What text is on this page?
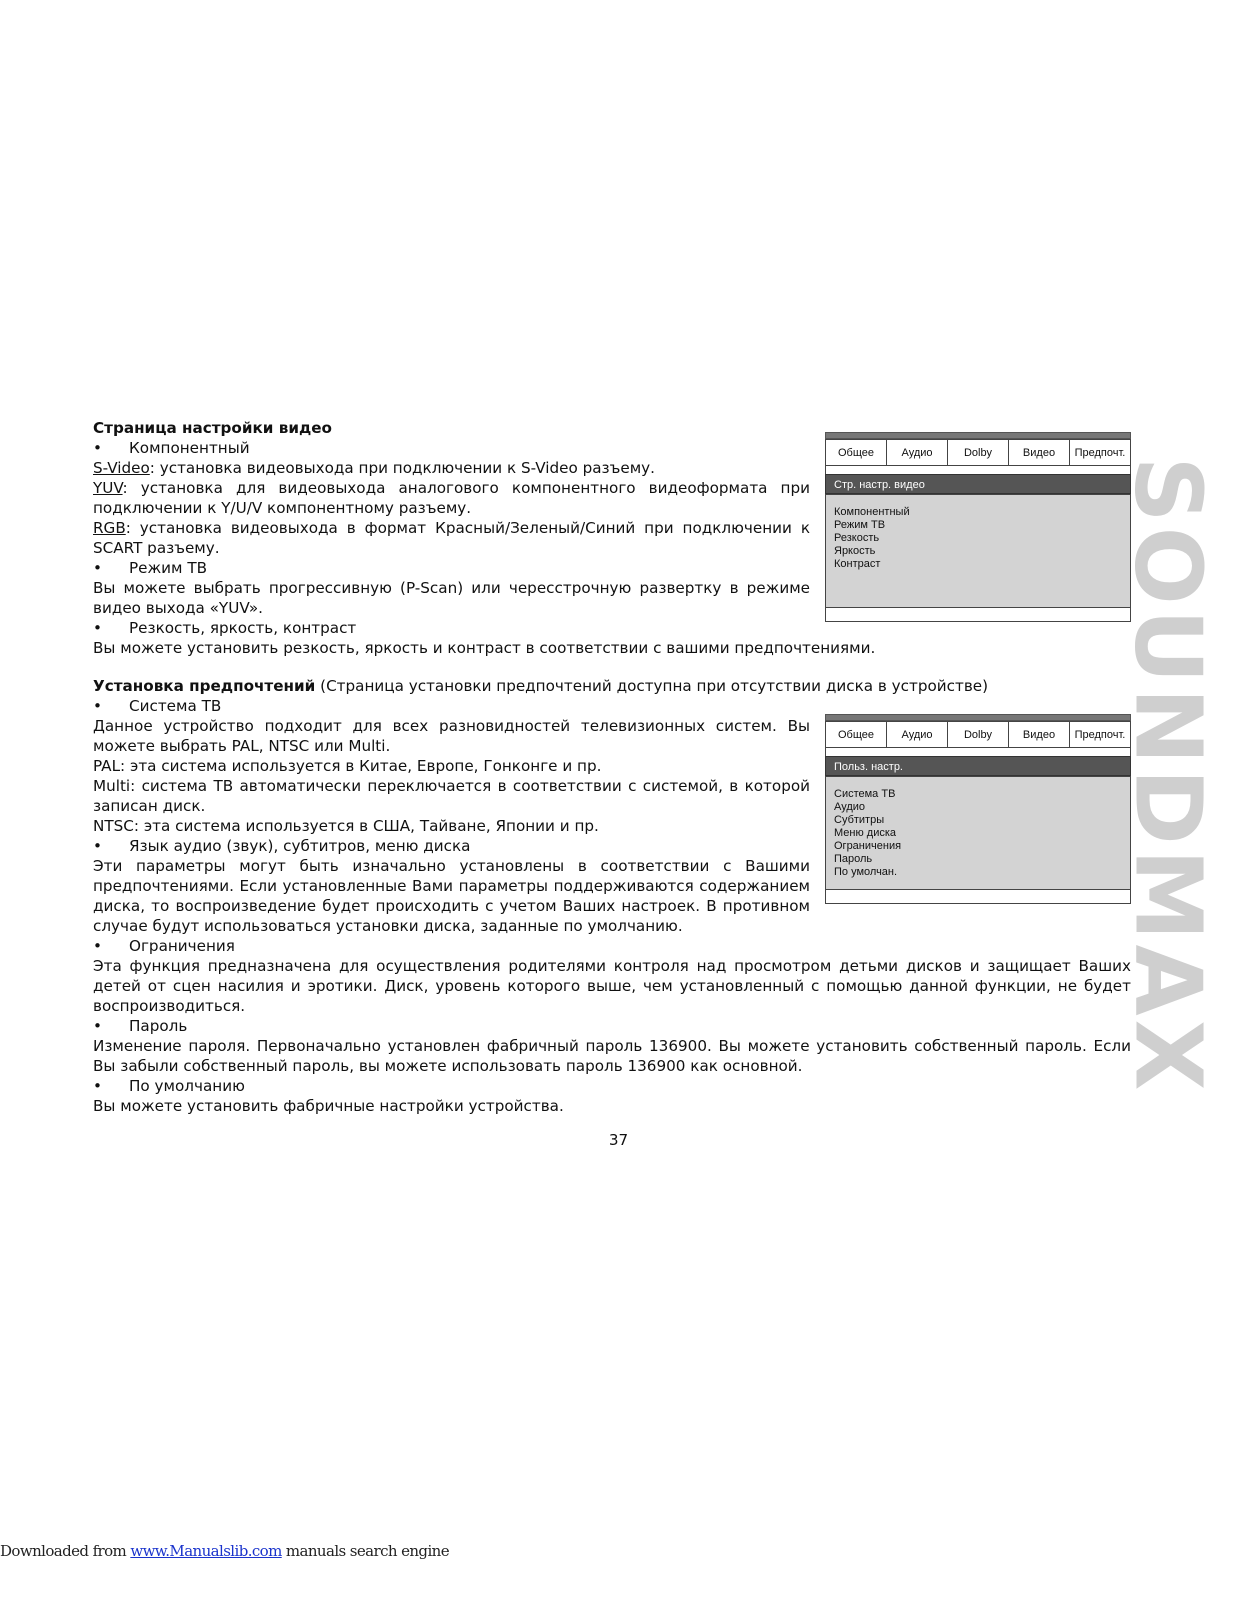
Страница настройки видео
• Компонентный
S-Video: установка видеовыхода при подключении к S-Video разъему.
YUV: установка для видеовыхода аналогового компонентного видеоформата при подключении к Y/U/V компонентному разъему.
RGB: установка видеовыхода в формат Красный/Зеленый/Синий при подключении к SCART разъему.
• Режим ТВ
Вы можете выбрать прогрессивную (P-Scan) или чересстрочную развертку в режиме видео выхода «YUV».
• Резкость, яркость, контраст
Вы можете установить резкость, яркость и контраст в соответствии с вашими предпочтениями.
Установка предпочтений (Страница установки предпочтений доступна при отсутствии диска в устройстве)
• Система ТВ
Данное устройство подходит для всех разновидностей телевизионных систем. Вы можете выбрать PAL, NTSC или Multi.
PAL: эта система используется в Китае, Европе, Гонконге и пр.
Multi: система ТВ автоматически переключается в соответствии с системой, в которой записан диск.
NTSC: эта система используется в США, Тайване, Японии и пр.
• Язык аудио (звук), субтитров, меню диска
Эти параметры могут быть изначально установлены в соответствии с Вашими предпочтениями. Если установленные Вами параметры поддерживаются содержанием диска, то воспроизведение будет происходить с учетом Ваших настроек. В противном случае будут использоваться установки диска, заданные по умолчанию.
• Ограничения
Эта функция предназначена для осуществления родителями контроля над просмотром детьми дисков и защищает Ваших детей от сцен насилия и эротики. Диск, уровень которого выше, чем установленный с помощью данной функции, не будет воспроизводиться.
• Пароль
Изменение пароля. Первоначально установлен фабричный пароль 136900. Вы можете установить собственный пароль. Если Вы забыли собственный пароль, вы можете использовать пароль 136900 как основной.
• По умолчанию
Вы можете установить фабричные настройки устройства.
Общее	Аудио	Dolby	Видео	Предпочт.
Стр. настр. видео
Компонентный
Режим ТВ
Резкость
Яркость
Контраст
Общее	Аудио	Dolby	Видео	Предпочт.
Польз. настр.
Система ТВ
Аудио
Субтитры
Меню диска
Ограничения
Пароль
По умолчан.	SOUNDMAX
37
Downloaded from www.Manualslib.com manuals search engine
